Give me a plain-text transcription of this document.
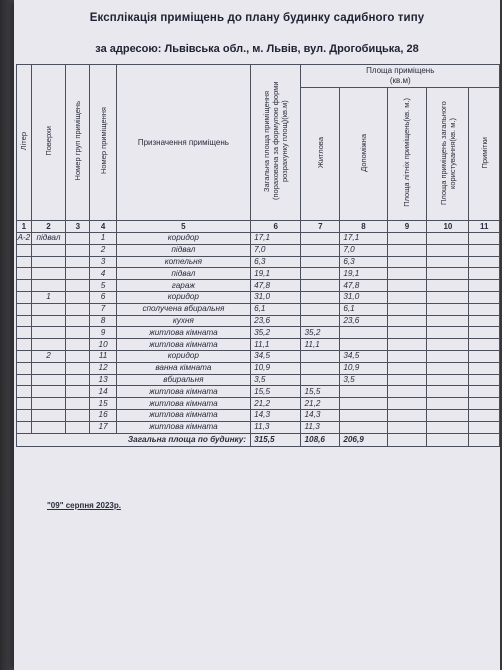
Експлікація приміщень до плану будинку садибного типу
за адресою: Львівська обл., м. Львів, вул. Дрогобицька, 28
Літер	Поверхи	Номер груп приміщень	Номер приміщення	Призначення приміщень	Загальна площа приміщення (порахована за формулою форми розрахунку площ)(кв.м)	Площа приміщень
(кв.м)				
						Житлова	Допоміжна	Площа літніх приміщень(кв. м.)	Площа приміщень загального користування(кв. м.)	Примітки

1	2	3	4	5	6	7	8	9	10	11
А-2	підвал		1	коридор	17,1		17,1			
			2	підвал	7,0		7,0			
			3	котельня	6,3		6,3			
			4	підвал	19,1		19,1			
			5	гараж	47,8		47,8			
	1		6	коридор	31,0		31,0			
			7	сполучена вбиральня	6,1		6,1			
			8	кухня	23,6		23,6			
			9	житлова кімната	35,2	35,2				
			10	житлова кімната	11,1	11,1				
	2		11	коридор	34,5		34,5			
			12	ванна кімната	10,9		10,9			
			13	вбиральня	3,5		3,5			
			14	житлова кімната	15,5	15,5				
			15	житлова кімната	21,2	21,2				
			16	житлова кімната	14,3	14,3				
			17	житлова кімната	11,3	11,3				
Загальна площа по будинку:					315,5	108,6	206,9			
"09" серпня 2023р.
